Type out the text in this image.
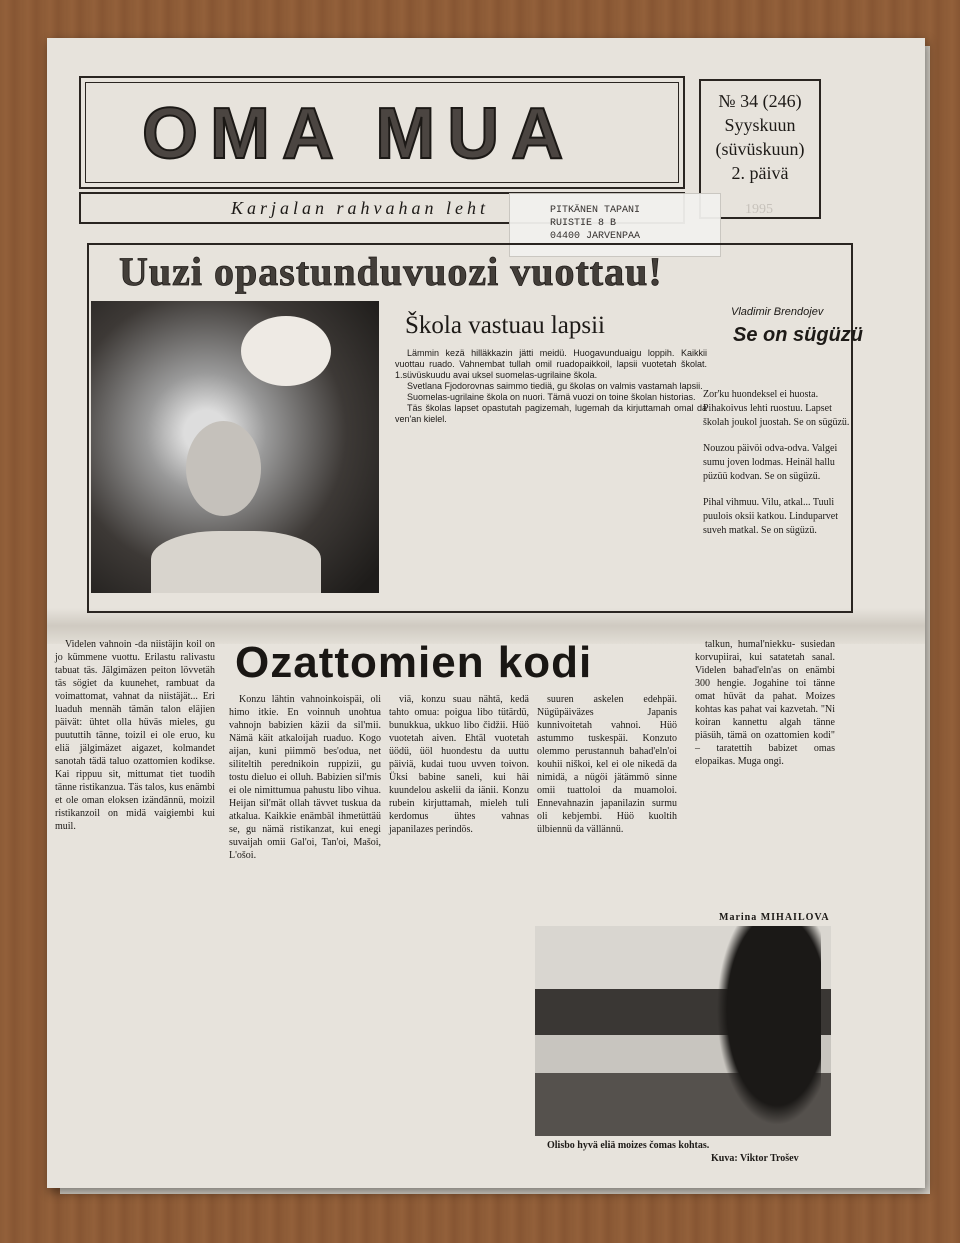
OMA MUA
Karjalan rahvahan leht
№ 34 (246)
Syyskuun
(süvüskuun)
2. päivä
1995
PITKÄNEN TAPANI
RUISTIE 8 B
04400 JARVENPAA
Uuzi opastunduvuozi vuottau!
Škola vastuau lapsii

Lämmin kezä hilläkkazin jätti meidü. Huogavunduaigu loppih. Kaikkii vuottau ruado. Vahnembat tullah omil ruadopaikkoil, lapsii vuotetah školat. 1.süvüskuudu avai uksel suomelas-ugrilaine škola.

Svetlana Fjodorovnas saimmo tiediä, gu školas on valmis vastamah lapsii.

Suomelas-ugrilaine škola on nuori. Tämä vuozi on toine školan historias.

Täs školas lapset opastutah pagizemah, lugemah da kirjuttamah omal da ven'an kielel.

Vladimir Brendojev
Se on sügüzü

Zor'ku huondeksel ei huosta. Pihakoivus lehti ruostuu. Lapset školah joukol juostah. Se on sügüzü.

Nouzou päivöi odva-odva. Valgei sumu joven lodmas. Heinäl hallu püzüü kodvan. Se on sügüzü.

Pihal vihmuu. Vilu, atkal... Tuuli puulois oksii katkou. Linduparvet suveh matkal. Se on sügüzü.

Ozattomien kodi

Videlen vahnoin -da niistäjin koil on jo kümmene vuottu. Erilastu ralivastu tabuat täs. Jälgimäzen peiton lövvetäh täs sögiet da kuunehet, rambuat da voimattomat, vahnat da niistäjät... Eri luaduh mennäh tämän talon eläjien päivät: ühtet olla hüväs mieles, gu puututtih tänne, toizil ei ole eruo, ku eliä jälgimäzet aigazet, kolmandet sanotah tädä taluo ozattomien kodikse. Kai rippuu sit, mittumat tiet tuodih tänne ristikanzua. Täs talos, kus enämbi et ole oman eloksen izändännü, moizil ristikanzoil on midä vaigiembi kui muil.

Konzu lähtin vahnoinkoispäi, oli himo itkie. En voinnuh unohtua vahnojn babizien käzii da sil'mii. Nämä käit atkaloijah ruaduo. Kogo aijan, kuni piimmö bes'odua, net siliteltih perednikoin ruppizii, gu tostu dieluo ei olluh. Babizien sil'mis ei ole nimittumua pahustu libo vihua. Heijan sil'mät ollah tävvet tuskua da atkalua. Kaikkie enämbäl ihmetüttäü se, gu nämä ristikanzat, kui enegi suvaijah omii Gal'oi, Tan'oi, Mašoi, L'ošoi.

viä, konzu suau nähtä, kedä tahto omua: poigua libo tütärdü, bunukkua, ukkuo libo čidžii. Hüö vuotetah aiven. Ehtäl vuotetah üödü, üöl huondestu da uuttu päiviä, kudai tuou uvven toivon. Üksi babine saneli, kui häi kuundelou askelii da iänii. Konzu rubein kirjuttamah, mieleh tuli kerdomus ühtes vahnas japanilazes perindös.

suuren askelen edehpäi. Nügüpäiväzes Japanis kunnivoitetah vahnoi. Hüö astummo tuskespäi. Konzuto olemmo perustannuh bahad'eln'oi kouhii niškoi, kel ei ole nikedä da nimidä, a nügöi jätämmö sinne omii tuattoloi da muamoloi. Ennevahnazin japanilazin surmu oli kebjembi. Hüö kuoltih ülbiennü da vällännü.

talkun, humal'niekku- susiedan korvupiirai, kui satatetah sanal. Videlen bahad'eln'as on enämbi 300 hengie. Jogahine toi tänne omat hüvät da pahat. Moizes kohtas kas pahat vai kazvetah. "Ni koiran kannettu algah tänne piäsüh, tämä on ozattomien kodi" – taratettih babizet omas elopaikas. Muga ongi.

Marina MIHAILOVA
Olisbo hyvä eliä moizes čomas kohtas.
Kuva: Viktor Trošev
